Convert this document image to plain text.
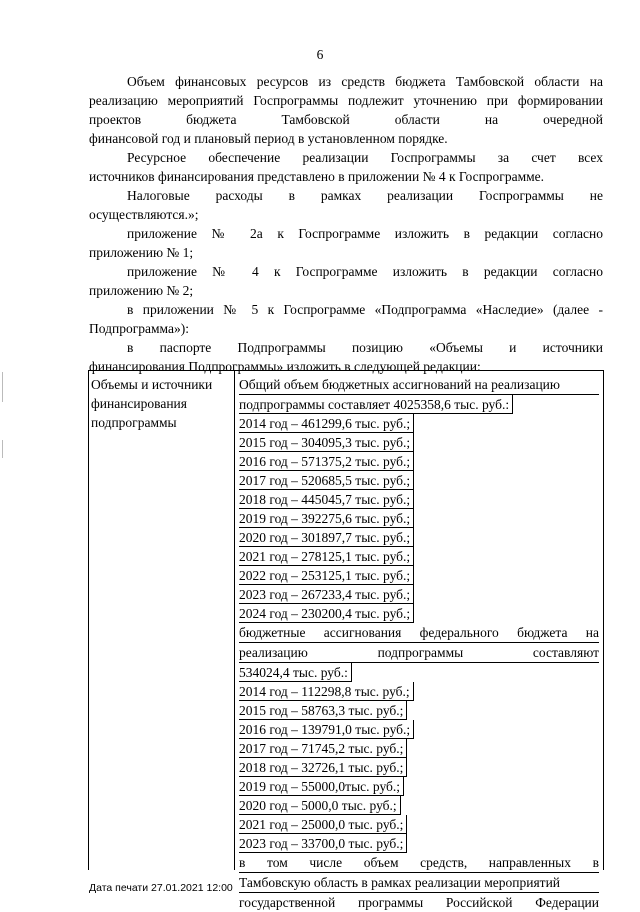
6

Объем финансовых ресурсов из средств бюджета Тамбовской области на реализацию мероприятий Госпрограммы подлежит уточнению при формировании проектов бюджета Тамбовской области на очередной

финансовой год и плановый период в установленном порядке.

Ресурсное обеспечение реализации Госпрограммы за счет всех

источников финансирования представлено в приложении № 4 к Госпрограмме.

Налоговые расходы в рамках реализации Госпрограммы не

осуществляются.»;

приложение № 2а к Госпрограмме изложить в редакции согласно

приложению № 1;

приложение № 4 к Госпрограмме изложить в редакции согласно

приложению № 2;

в приложении № 5 к Госпрограмме «Подпрограмма «Наследие» (далее -

Подпрограмма»):

в паспорте Подпрограммы позицию «Объемы и источники

финансирования Подпрограммы» изложить в следующей редакции:

Объемы и источники
финансирования
подпрограммы
Общий объем бюджетных ассигнований на реализацию
подпрограммы составляет 4025358,6 тыс. руб.:
2014 год – 461299,6 тыс. руб.;
2015 год – 304095,3 тыс. руб.;
2016 год – 571375,2 тыс. руб.;
2017 год – 520685,5 тыс. руб.;
2018 год – 445045,7 тыс. руб.;
2019 год – 392275,6 тыс. руб.;
2020 год – 301897,7 тыс. руб.;
2021 год – 278125,1 тыс. руб.;
2022 год – 253125,1 тыс. руб.;
2023 год – 267233,4 тыс. руб.;
2024 год – 230200,4 тыс. руб.;
бюджетные ассигнования федерального бюджета на
реализацию подпрограммы составляют
534024,4 тыс. руб.:
2014 год – 112298,8 тыс. руб.;
2015 год – 58763,3 тыс. руб.;
2016 год – 139791,0 тыс. руб.;
2017 год – 71745,2 тыс. руб.;
2018 год – 32726,1 тыс. руб.;
2019 год – 55000,0тыс. руб.;
2020 год – 5000,0 тыс. руб.;
2021 год – 25000,0 тыс. руб.;
2023 год – 33700,0 тыс. руб.;
в том числе объем средств, направленных в
Тамбовскую область в рамках реализации мероприятий
государственной программы Российской Федерации
Дата печати 27.01.2021 12:00
